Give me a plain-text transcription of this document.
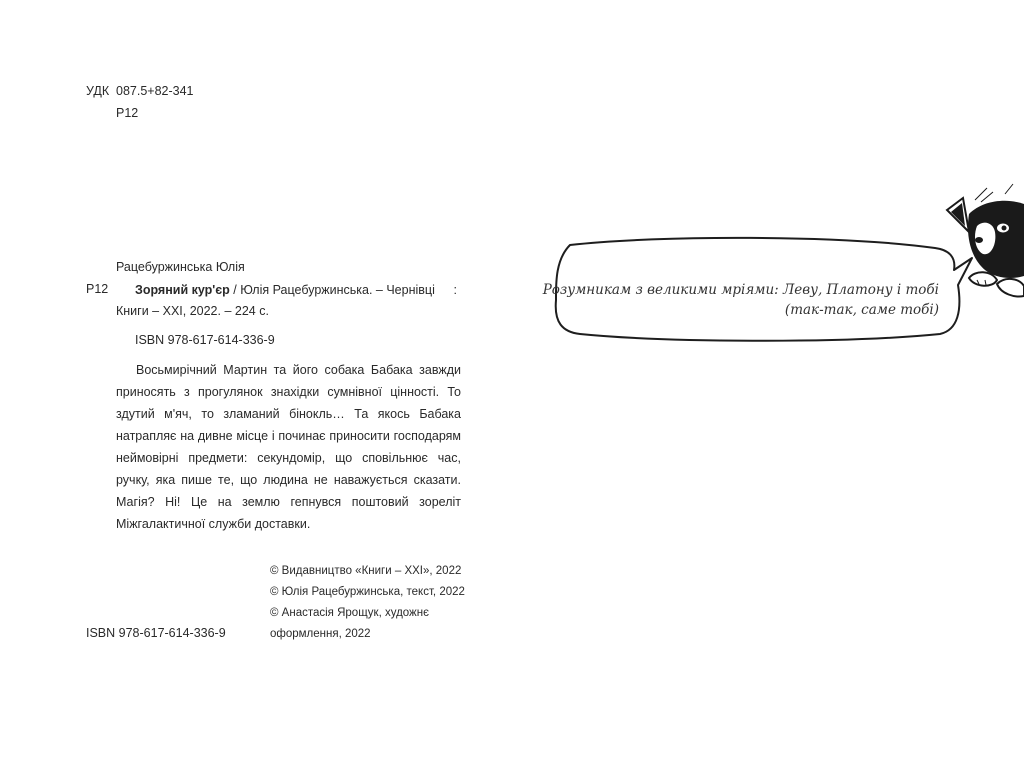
УДК 087.5+82-341
Р12
Рацебуржинська Юлія
Р12 Зоряний кур'єр / Юлія Рацебуржинська. – Чернівці :
Книги – ХХІ, 2022. – 224 с.
ISBN 978-617-614-336-9

Восьмирічний Мартин та його собака Бабака завжди приносять з прогулянок знахідки сумнівної цінності. То здутий м'яч, то зламаний бінокль… Та якось Бабака натрапляє на дивне місце і починає приносити господарям неймовірні предмети: секундомір, що сповільнює час, ручку, яка пише те, що людина не наважується сказати. Магія? Ні! Це на землю гепнувся поштовий зореліт Міжгалактичної служби доставки.

ISBN 978-617-614-336-9
© Видавництво «Книги – ХХІ», 2022
© Юлія Рацебуржинська, текст, 2022
© Анастасія Ярощук, художнє
оформлення, 2022
Розумникам з великими мріями: Леву, Платону і тобі
(так-так, саме тобі)
